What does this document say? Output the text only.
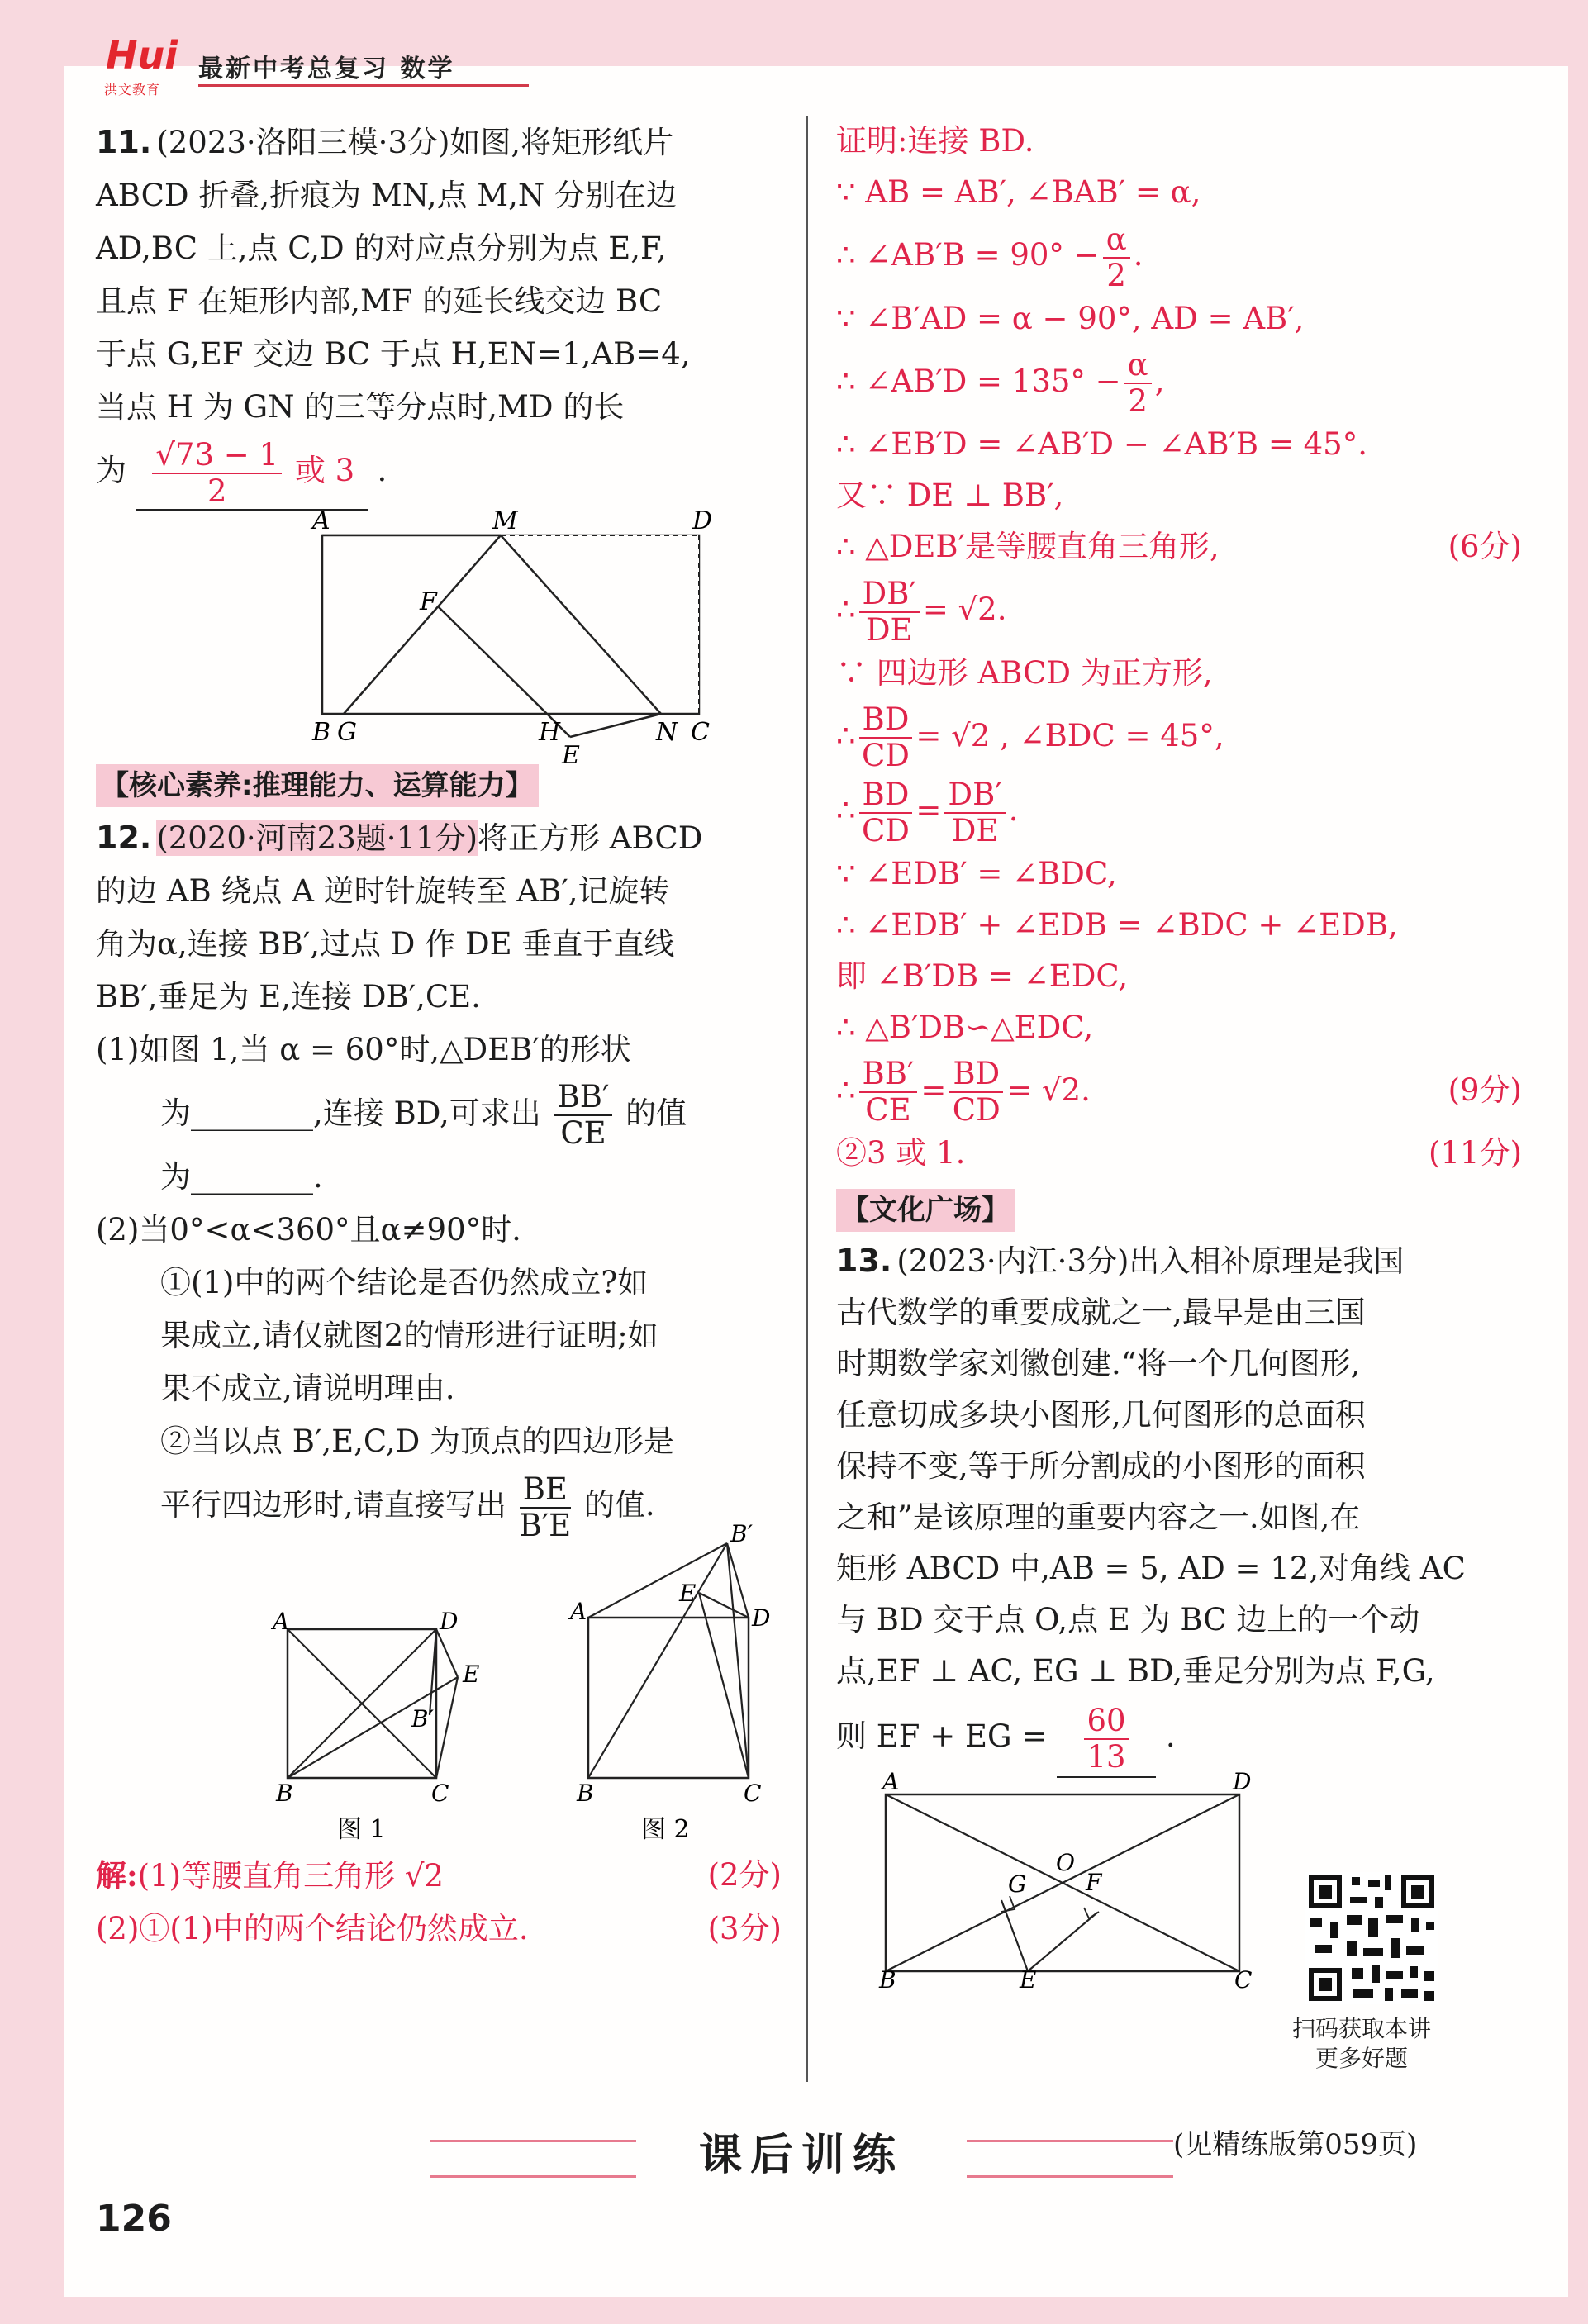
Hui
洪文教育
最新中考总复习 数学

11. (2023·洛阳三模·3分)如图,将矩形纸片

ABCD 折叠,折痕为 MN,点 M,N 分别在边

AD,BC 上,点 C,D 的对应点分别为点 E,F,

且点 F 在矩形内部,MF 的延长线交边 BC

于点 G,EF 交边 BC 于点 H,EN=1,AB=4,

当点 H 为 GN 的三等分点时,MD 的长

为 $\frac{√73 - 1}{2}$ 或 3 .

A	M	D
F
B G	H	N C
E
【核心素养:推理能力、运算能力】

12. (2020·河南23题·11分)将正方形 ABCD

的边 AB 绕点 A 逆时针旋转至 AB′,记旋转

角为α,连接 BB′,过点 D 作 DE 垂直于直线

BB′,垂足为 E,连接 DB′,CE.

(1)如图 1,当 α = 60°时,△DEB′的形状

为________,连接 BD,可求出 $\frac{BB'}{CE}$ 的值

为________.

(2)当0°<α<360°且α≠90°时.

①(1)中的两个结论是否仍然成立?如

果成立,请仅就图2的情形进行证明;如

果不成立,请说明理由.

②当以点 B′,E,C,D 为顶点的四边形是

平行四边形时,请直接写出 $\frac{BE}{B'E}$ 的值.

A	D
E
B′
B	C
图 1
B′
A
E
D
B	C
图 2

解:(1)等腰直角三角形 √2	(2分)

(2)①(1)中的两个结论仍然成立.	(3分)

证明:连接 BD.

∵ AB = AB′, ∠BAB′ = α,

∴ ∠AB′B = $90^\circ - \frac{\alpha}{2}$ .

∵ ∠B′AD = α − 90°, AD = AB′,

∴ ∠AB′D = $135^\circ - \frac{\alpha}{2}$ ,

∴ ∠EB′D = ∠AB′D − ∠AB′B = 45°.

又∵ DE ⊥ BB′,

∴ △DEB′是等腰直角三角形,	(6分)

∴ $\frac{DB'}{DE} = √2$.

∵ 四边形 ABCD 为正方形,

∴ $\frac{BD}{CD} = √2$ , ∠BDC = 45°,

∴ $\frac{BD}{CD} = \frac{DB'}{DE}$ .

∵ ∠EDB′ = ∠BDC,

∴ ∠EDB′ + ∠EDB = ∠BDC + ∠EDB,

即 ∠B′DB = ∠EDC,

∴ △B′DB∽△EDC,

∴ $\frac{BB'}{CE} = \frac{BD}{CD} = √2$.	(9分)

②3 或 1.	(11分)

【文化广场】

13. (2023·内江·3分)出入相补原理是我国

古代数学的重要成就之一,最早是由三国

时期数学家刘徽创建.“将一个几何图形,

任意切成多块小图形,几何图形的总面积

保持不变,等于所分割成的小图形的面积

之和”是该原理的重要内容之一.如图,在

矩形 ABCD 中,AB = 5, AD = 12,对角线 AC

与 BD 交于点 O,点 E 为 BC 边上的一个动

点,EF ⊥ AC, EG ⊥ BD,垂足分别为点 F,G,

则 EF + EG = $\frac{60}{13}$ .

A	D
O
G	F
B	E	C
扫码获取本讲
更多好题
课后训练	(见精练版第059页)
126
